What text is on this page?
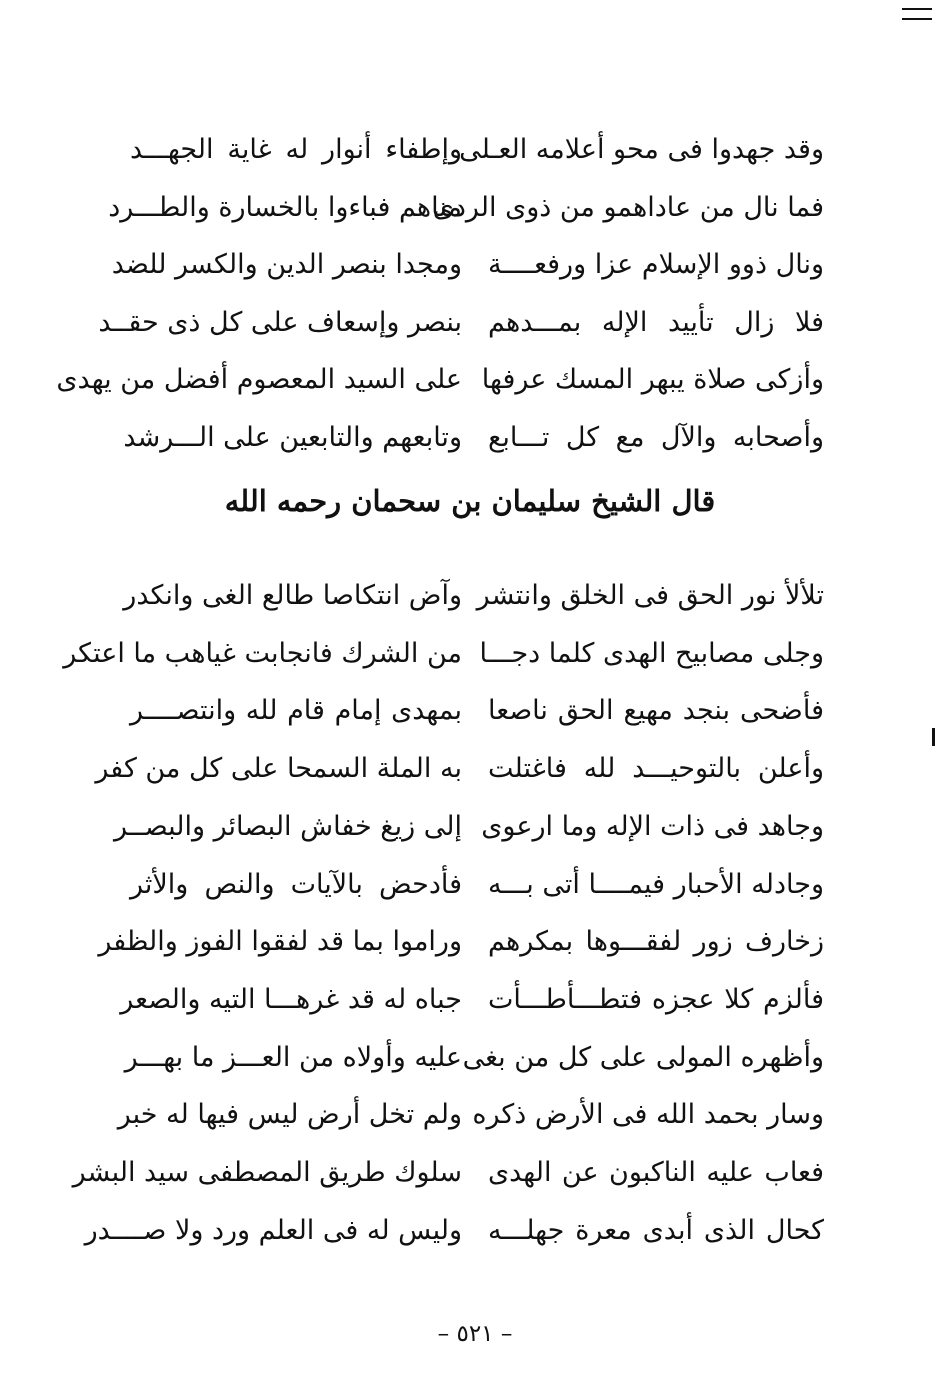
وقد جهدوا فى محو أعلامه العـلى
وإطفاء أنوار له غاية الجهـــد
فما نال من عاداهمو من ذوى الردى
مناهم فباءوا بالخسارة والطـــرد
ونال ذوو الإسلام عزا ورفعــــة
ومجدا بنصر الدين والكسر للضد
فلا زال تأييد الإله بمـــدهم
بنصر وإسعاف على كل ذى حقــد
وأزكى صلاة يبهر المسك عرفها
على السيد المعصوم أفضل من يهدى
وأصحابه والآل مع كل تـــابع
وتابعهم والتابعين على الـــرشد
قال الشيخ سليمان بن سحمان رحمه الله
تلألأ نور الحق فى الخلق وانتشر
وآض انتكاصا طالع الغى وانكدر
وجلى مصابيح الهدى كلما دجـــا
من الشرك فانجابت غياهب ما اعتكر
فأضحى بنجد مهيع الحق ناصعا
بمهدى إمام قام لله وانتصــــر
وأعلن بالتوحيـــد لله فاغتلت
به الملة السمحا على كل من كفر
وجاهد فى ذات الإله وما ارعوى
إلى زيغ خفاش البصائر والبصــر
وجادله الأحبار فيمــــا أتى بـــه
فأدحض بالآيات والنص والأثر
زخارف زور لفقـــوها بمكرهم
وراموا بما قد لفقوا الفوز والظفر
فألزم كلا عجزه فتطـــأطـــأت
جباه له قد غرهـــا التيه والصعر
وأظهره المولى على كل من بغى
عليه وأولاه من العـــز ما بهـــر
وسار بحمد الله فى الأرض ذكره
ولم تخل أرض ليس فيها له خبر
فعاب عليه الناكبون عن الهدى
سلوك طريق المصطفى سيد البشر
كحال الذى أبدى معرة جهلـــه
وليس له فى العلم ورد ولا صــــدر
– ٥٢١ –
